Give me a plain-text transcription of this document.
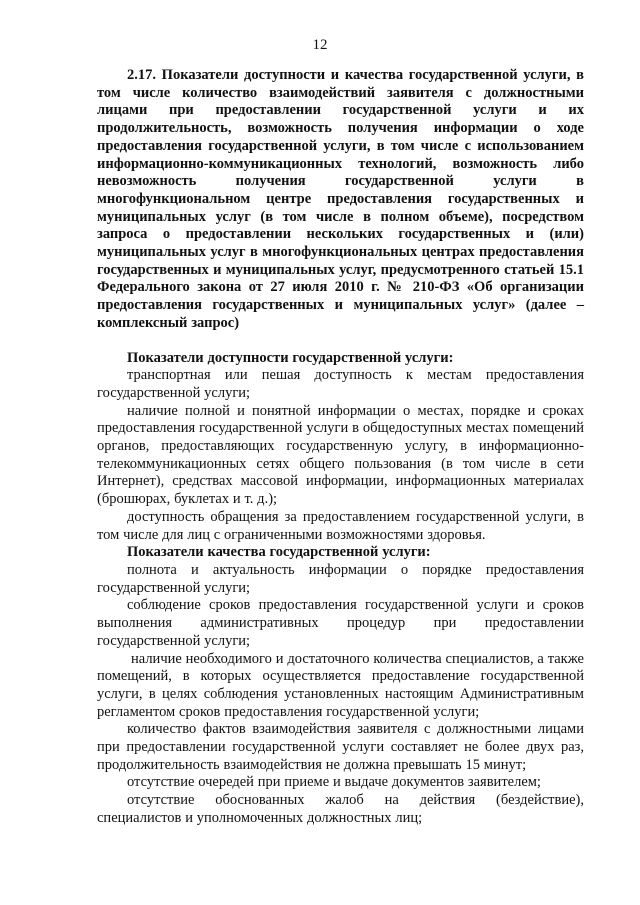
12

2.17. Показатели доступности и качества государственной услуги, в том числе количество взаимодействий заявителя с должностными лицами при предоставлении государственной услуги и их продолжительность, возможность получения информации о ходе предоставления государственной услуги, в том числе с использованием информационно-коммуникационных технологий, возможность либо невозможность получения государственной услуги в многофункциональном центре предоставления государственных и муниципальных услуг (в том числе в полном объеме), посредством запроса о предоставлении нескольких государственных и (или) муниципальных услуг в многофункциональных центрах предоставления государственных и муниципальных услуг, предусмотренного статьей 15.1 Федерального закона от 27 июля 2010 г. № 210-ФЗ «Об организации предоставления государственных и муниципальных услуг» (далее – комплексный запрос)

Показатели доступности государственной услуги:

транспортная или пешая доступность к местам предоставления государственной услуги;

наличие полной и понятной информации о местах, порядке и сроках предоставления государственной услуги в общедоступных местах помещений органов, предоставляющих государственную услугу, в информационно-телекоммуникационных сетях общего пользования (в том числе в сети Интернет), средствах массовой информации, информационных материалах (брошюрах, буклетах и т. д.);

доступность обращения за предоставлением государственной услуги, в том числе для лиц с ограниченными возможностями здоровья.

Показатели качества государственной услуги:

полнота и актуальность информации о порядке предоставления государственной услуги;

соблюдение сроков предоставления государственной услуги и сроков выполнения административных процедур при предоставлении государственной услуги;

наличие необходимого и достаточного количества специалистов, а также помещений, в которых осуществляется предоставление государственной услуги, в целях соблюдения установленных настоящим Административным регламентом сроков предоставления государственной услуги;

количество фактов взаимодействия заявителя с должностными лицами при предоставлении государственной услуги составляет не более двух раз, продолжительность взаимодействия не должна превышать 15 минут;

отсутствие очередей при приеме и выдаче документов заявителем;

отсутствие обоснованных жалоб на действия (бездействие), специалистов и уполномоченных должностных лиц;
